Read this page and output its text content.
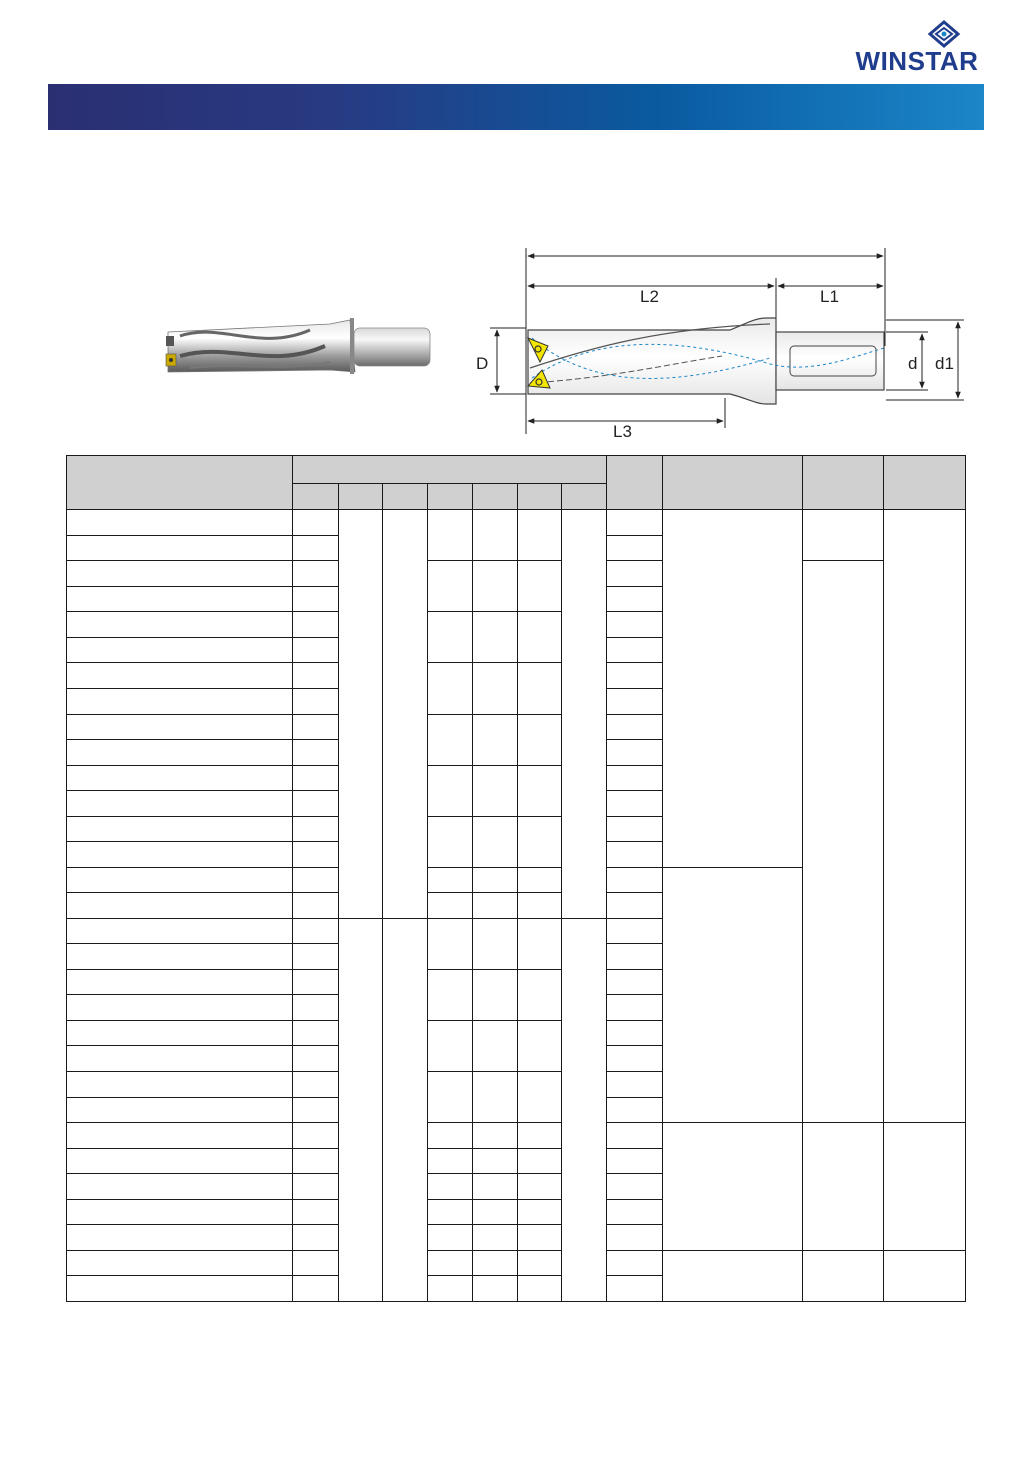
WINSTAR
L2	L1
L3
D	d d1
